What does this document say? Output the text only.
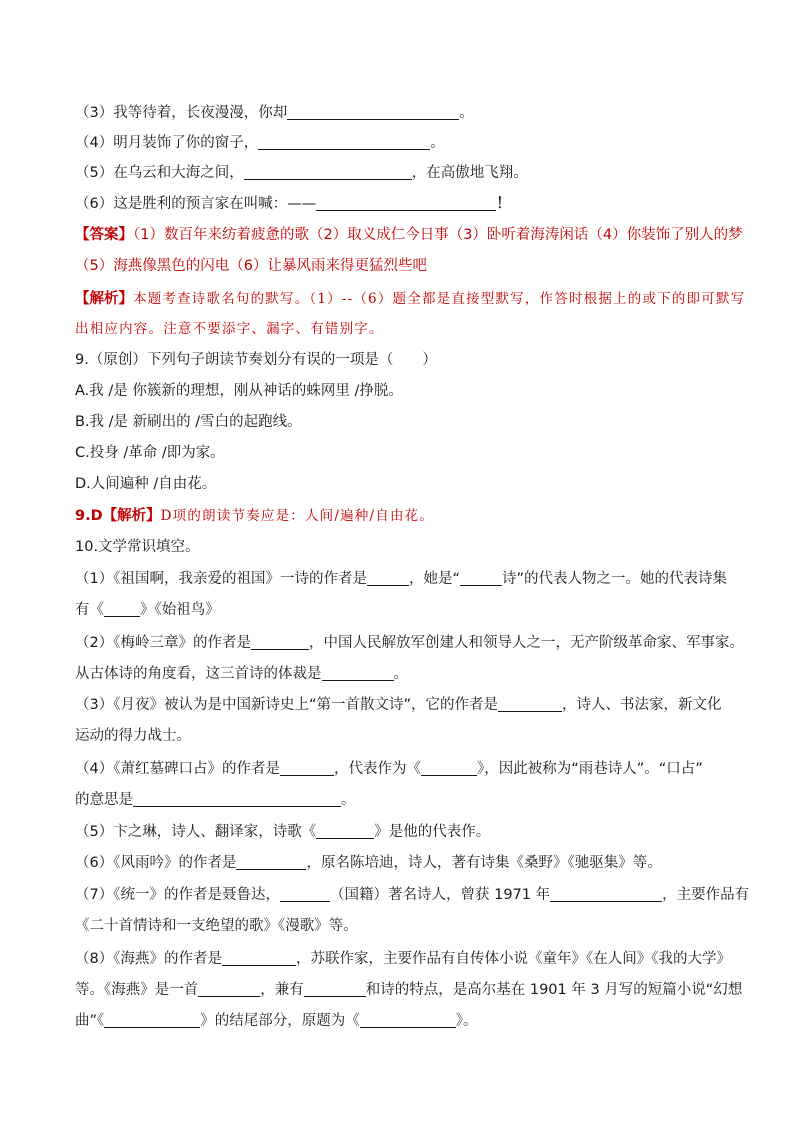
（3）我等待着，长夜漫漫，你却	。
（4）明月装饰了你的窗子，	。
（5）在乌云和大海之间，	，在高傲地飞翔。
（6）这是胜利的预言家在叫喊：——	！
【答案】（1）数百年来纺着疲惫的歌（2）取义成仁今日事（3）卧听着海涛闲话（4）你装饰了别人的梦
（5）海燕像黑色的闪电（6）让暴风雨来得更猛烈些吧
【解析】本题考查诗歌名句的默写。（1）--（6）题全都是直接型默写，作答时根据上的或下的即可默写
出相应内容。注意不要添字、漏字、有错别字。
9.（原创）下列句子朗读节奏划分有误的一项是（　　）
A.我 /是 你簇新的理想，刚从神话的蛛网里 /挣脱。
B.我 /是 新刷出的 /雪白的起跑线。
C.投身 /革命 /即为家。
D.人间遍种 /自由花。
9.D【解析】D项的朗读节奏应是：人间/遍种/自由花。
10.文学常识填空。
（1）《祖国啊，我亲爱的祖国》一诗的作者是	，她是“	诗”的代表人物之一。她的代表诗集
有《 》《始祖鸟》
（2）《梅岭三章》的作者是	，中国人民解放军创建人和领导人之一，无产阶级革命家、军事家。
从古体诗的角度看，这三首诗的体裁是	。
（3）《月夜》被认为是中国新诗史上“第一首散文诗”，它的作者是	，诗人、书法家，新文化
运动的得力战士。
（4）《萧红墓碑口占》的作者是	，代表作为《	》，因此被称为“雨巷诗人”。“口占”
的意思是	。
（5）卞之琳，诗人、翻译家，诗歌《	》是他的代表作。
（6）《风雨吟》的作者是	，原名陈培迪，诗人，著有诗集《桑野》《驰驱集》等。
（7）《统一》的作者是聂鲁达，	（国籍）著名诗人，曾获 1971 年	，主要作品有
《二十首情诗和一支绝望的歌》《漫歌》等。
（8）《海燕》的作者是	，苏联作家，主要作品有自传体小说《童年》《在人间》《我的大学》
等。《海燕》是一首	，兼有	和诗的特点，是高尔基在 1901 年 3 月写的短篇小说“幻想
曲”《	》的结尾部分，原题为《	》。
